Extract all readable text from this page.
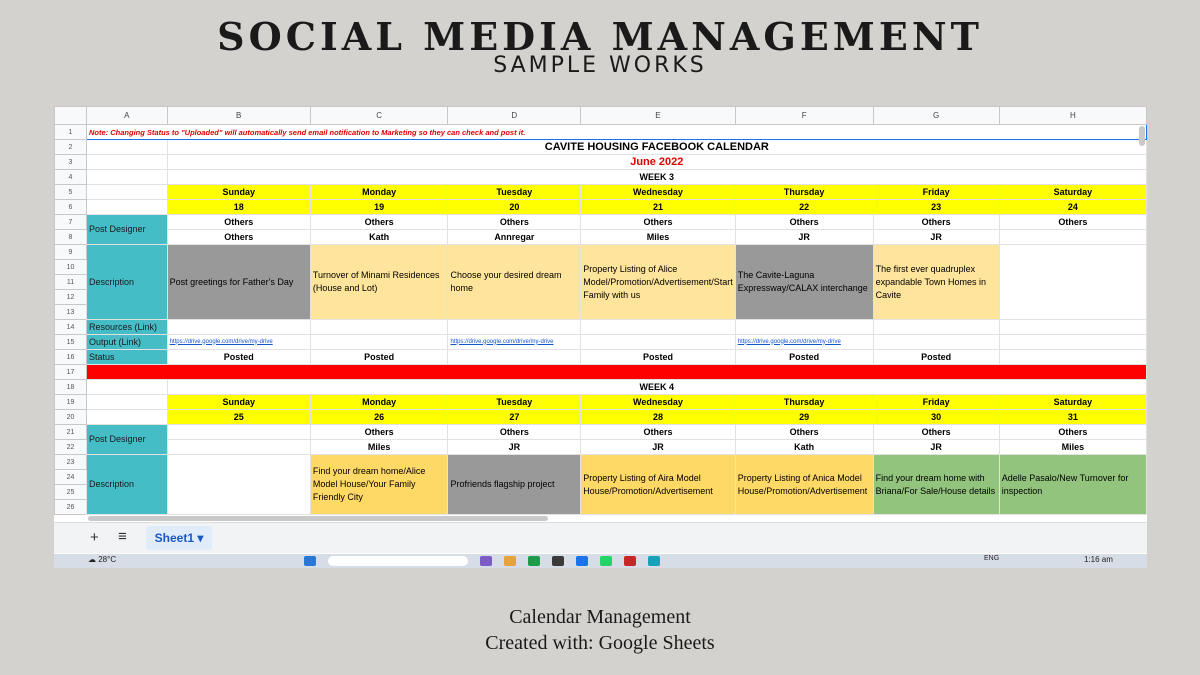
SOCIAL MEDIA MANAGEMENT
SAMPLE WORKS
	A	B	C	D	E	F	G	H
1	Note: Changing Status to "Uploaded" will automatically send email notification to Marketing so they can check and post it.							
2		CAVITE HOUSING FACEBOOK CALENDAR						
3		June 2022						
4		WEEK 3						
5		Sunday	Monday	Tuesday	Wednesday	Thursday	Friday	Saturday
6		18	19	20	21	22	23	24
7	Post Designer	Others	Others	Others	Others	Others	Others	Others
8		Others	Kath	Annregar	Miles	JR	JR	
9	Description	Post greetings for Father's Day	Turnover of Minami Residences (House and Lot)	Choose your desired dream home	Property Listing of Alice Model/Promotion/Advertisement/Start Family with us	The Cavite-Laguna Expressway/CALAX interchange	The first ever quadruplex expandable Town Homes in Cavite	
10								
11								
12								
13								
14	Resources (Link)							
15	Output (Link)	https://drive.google.com/drive/my-drive		https://drive.google.com/drive/my-drive		https://drive.google.com/drive/my-drive		
16	Status	Posted	Posted		Posted	Posted	Posted	
17								
18		WEEK 4						
19		Sunday	Monday	Tuesday	Wednesday	Thursday	Friday	Saturday
20		25	26	27	28	29	30	31
21	Post Designer		Others	Others	Others	Others	Others	Others
22			Miles	JR	JR	Kath	JR	Miles
23	Description		Find your dream home/Alice Model House/Your Family Friendly City	Profriends flagship project	Property Listing of Aira Model House/Promotion/Advertisement	Property Listing of Anica Model House/Promotion/Advertisement	Find your dream home with Briana/For Sale/House details	Adelle Pasalo/New Turnover for inspection
24								
25								
26								
+ ≡	Sheet1 ▾
☁ 28°C	ENG	1:16 am
Calendar Management
Created with: Google Sheets
